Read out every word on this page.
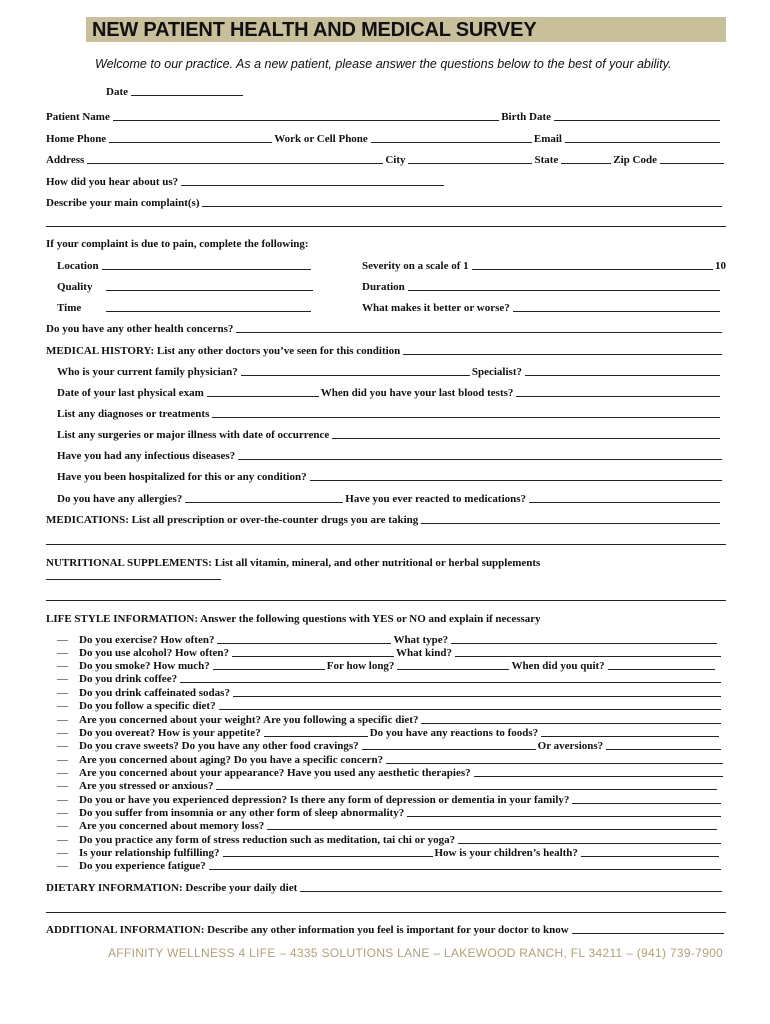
NEW PATIENT HEALTH AND MEDICAL SURVEY
Welcome to our practice. As a new patient, please answer the questions below to the best of your ability.
Date
Patient Name	Birth Date
Home Phone	Work or Cell Phone	Email
Address	City	State	Zip Code
How did you hear about us?
Describe your main complaint(s)
If your complaint is due to pain, complete the following:
Location	Severity on a scale of 1	10
Quality	Duration
Time	What makes it better or worse?
Do you have any other health concerns?
MEDICAL HISTORY: List any other doctors you’ve seen for this condition
Who is your current family physician?	Specialist?
Date of your last physical exam	When did you have your last blood tests?
List any diagnoses or treatments
List any surgeries or major illness with date of occurrence
Have you had any infectious diseases?
Have you been hospitalized for this or any condition?
Do you have any allergies?	Have you ever reacted to medications?
MEDICATIONS: List all prescription or over-the-counter drugs you are taking
NUTRITIONAL SUPPLEMENTS: List all vitamin, mineral, and other nutritional or herbal supplements
LIFE STYLE INFORMATION: Answer the following questions with YES or NO and explain if necessary
—	Do you exercise? How often?	What type?
—	Do you use alcohol? How often?	What kind?
—	Do you smoke? How much?	For how long?	When did you quit?
—	Do you drink coffee?
—	Do you drink caffeinated sodas?
—	Do you follow a specific diet?
—	Are you concerned about your weight? Are you following a specific diet?
—	Do you overeat? How is your appetite?	Do you have any reactions to foods?
—	Do you crave sweets? Do you have any other food cravings?	Or aversions?
—	Are you concerned about aging? Do you have a specific concern?
—	Are you concerned about your appearance? Have you used any aesthetic therapies?
—	Are you stressed or anxious?
—	Do you or have you experienced depression? Is there any form of depression or dementia in your family?
—	Do you suffer from insomnia or any other form of sleep abnormality?
—	Are you concerned about memory loss?
—	Do you practice any form of stress reduction such as meditation, tai chi or yoga?
—	Is your relationship fulfilling?	How is your children’s health?
—	Do you experience fatigue?
DIETARY INFORMATION: Describe your daily diet
ADDITIONAL INFORMATION: Describe any other information you feel is important for your doctor to know
AFFINITY WELLNESS 4 LIFE – 4335 SOLUTIONS LANE – LAKEWOOD RANCH, FL 34211 – (941) 739-7900
